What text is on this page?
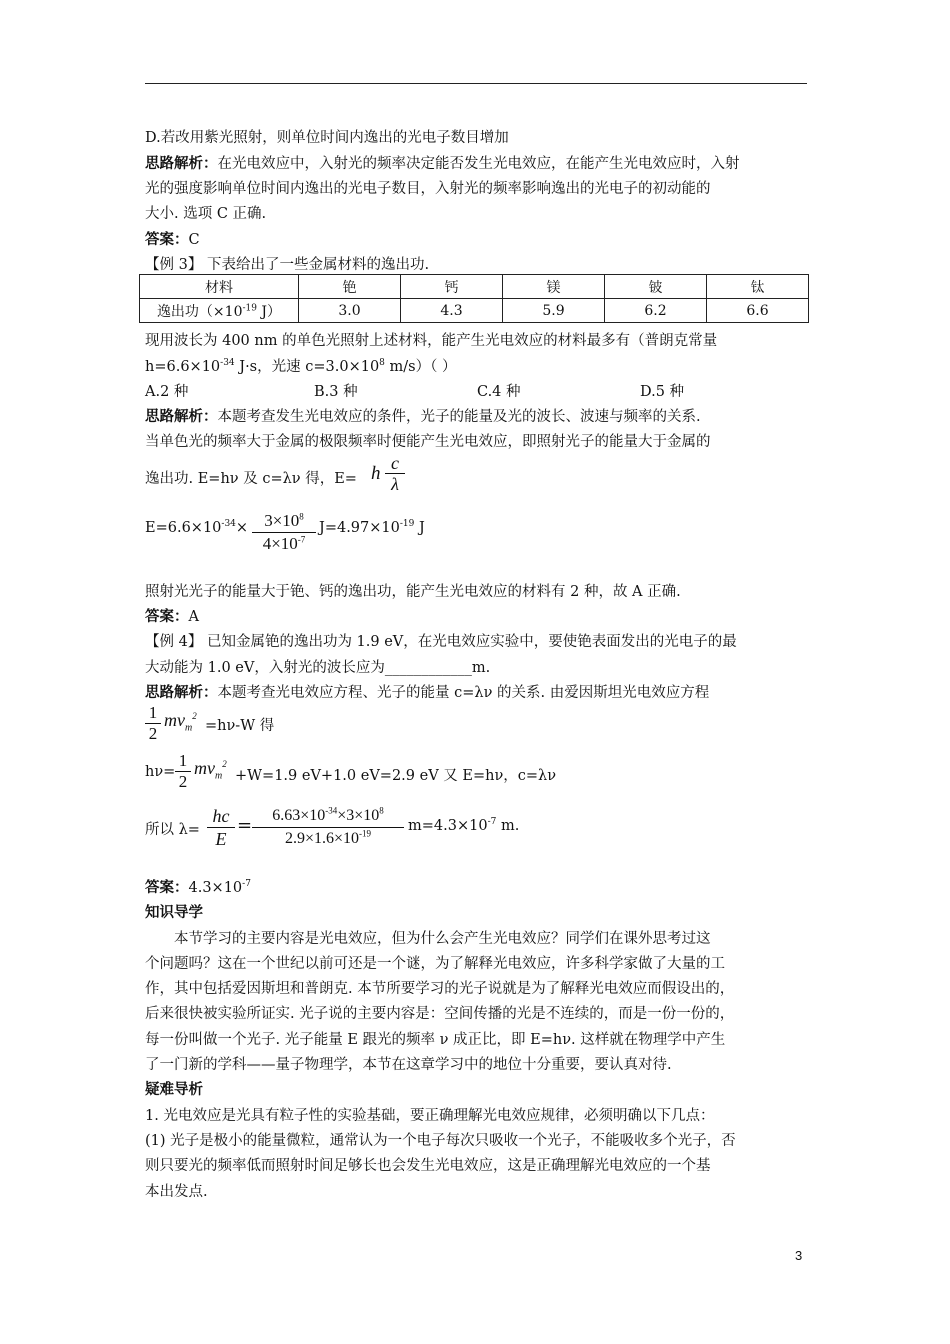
D.若改用紫光照射，则单位时间内逸出的光电子数目增加
思路解析：在光电效应中，入射光的频率决定能否发生光电效应，在能产生光电效应时，入射
光的强度影响单位时间内逸出的光电子数目，入射光的频率影响逸出的光电子的初动能的
大小. 选项 C 正确.
答案：C
【例 3】 下表给出了一些金属材料的逸出功.
材料	铯	钙	镁	铍	钛
逸出功（$\times 10^{-19}$ J）	3.0	4.3	5.9	6.2	6.6
现用波长为 400 nm 的单色光照射上述材料，能产生光电效应的材料最多有（普朗克常量
$h=6.6\times 10^{-34}$ J·s，光速 $c=3.0\times 10^8$ m/s）（ ）
A.2 种	B.3 种	C.4 种	D.5 种
思路解析：本题考查发生光电效应的条件，光子的能量及光的波长、波速与频率的关系.
当单色光的频率大于金属的极限频率时便能产生光电效应，即照射光子的能量大于金属的
逸出功. E=hν 及 c=λν 得，E= h $\frac{c}{\lambda}$
$E=6.6\times 10^{-34}\times \frac{3\times 10^8}{4\times 10^{-7}} J=4.97\times 10^{-19}$ J
照射光光子的能量大于铯、钙的逸出功，能产生光电效应的材料有 2 种，故 A 正确.
答案：A
【例 4】 已知金属铯的逸出功为 1.9 eV，在光电效应实验中，要使铯表面发出的光电子的最
大动能为 1.0 eV，入射光的波长应为____________m.
思路解析：本题考查光电效应方程、光子的能量 c=λν 的关系. 由爱因斯坦光电效应方程
$\frac{1}{2} mv_m^2$
=hν-W 得
$h\nu= \frac{1}{2} mv_m^2$
+W=1.9 eV+1.0 eV=2.9 eV 又 E=hν，c=λν
所以 $\lambda= \frac{hc}{E} = \frac{6.63\times 10^{-34}\times 3\times 10^8}{2.9\times 1.6\times 10^{-19}} m=4.3\times 10^{-7}$ m.
答案：$4.3\times 10^{-7}$
知识导学
本节学习的主要内容是光电效应，但为什么会产生光电效应？同学们在课外思考过这
个问题吗？这在一个世纪以前可还是一个谜，为了解释光电效应，许多科学家做了大量的工
作，其中包括爱因斯坦和普朗克. 本节所要学习的光子说就是为了解释光电效应而假设出的，
后来很快被实验所证实. 光子说的主要内容是：空间传播的光是不连续的，而是一份一份的，
每一份叫做一个光子. 光子能量 E 跟光的频率 ν 成正比，即 E=hν. 这样就在物理学中产生
了一门新的学科——量子物理学，本节在这章学习中的地位十分重要，要认真对待.
疑难导析
1. 光电效应是光具有粒子性的实验基础，要正确理解光电效应规律，必须明确以下几点：
(1) 光子是极小的能量微粒，通常认为一个电子每次只吸收一个光子，不能吸收多个光子，否
则只要光的频率低而照射时间足够长也会发生光电效应，这是正确理解光电效应的一个基
本出发点.
3
